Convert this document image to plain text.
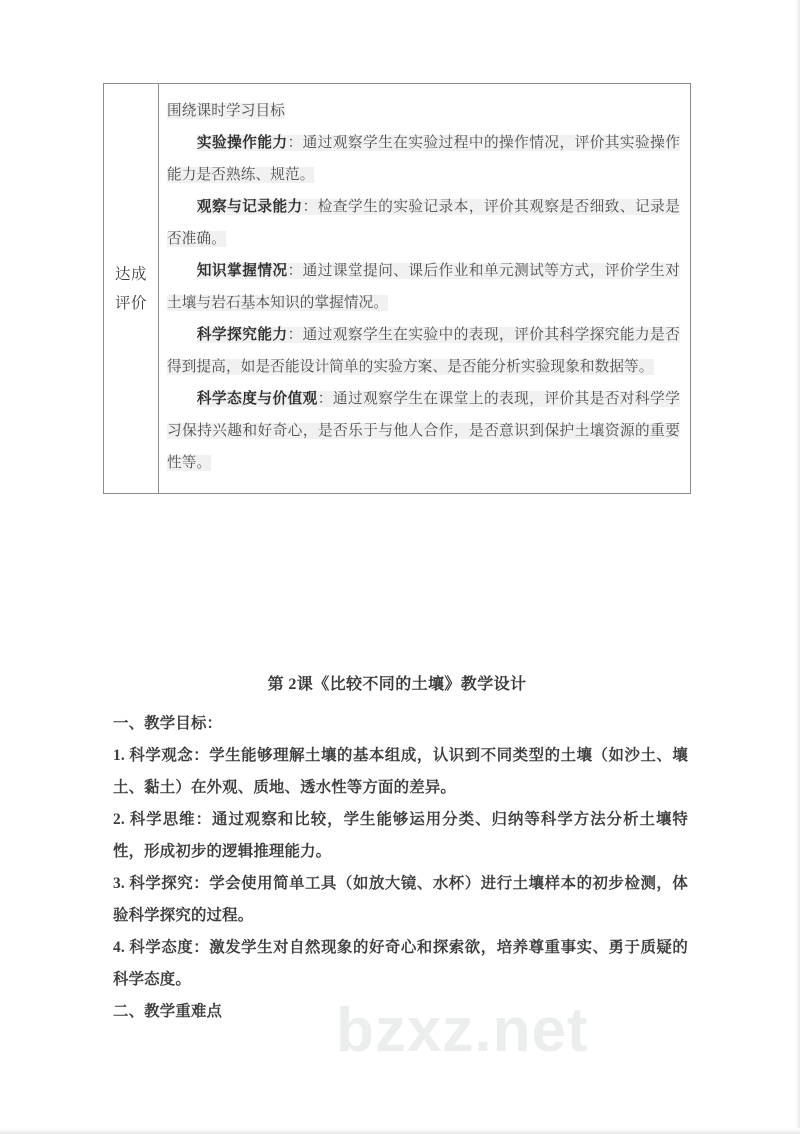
bzxz.net
达成
评价

围绕课时学习目标

实验操作能力：通过观察学生在实验过程中的操作情况，评价其实验操作能力是否熟练、规范。

观察与记录能力：检查学生的实验记录本，评价其观察是否细致、记录是否准确。

知识掌握情况：通过课堂提问、课后作业和单元测试等方式，评价学生对土壤与岩石基本知识的掌握情况。

科学探究能力：通过观察学生在实验中的表现，评价其科学探究能力是否得到提高，如是否能设计简单的实验方案、是否能分析实验现象和数据等。

科学态度与价值观：通过观察学生在课堂上的表现，评价其是否对科学学习保持兴趣和好奇心，是否乐于与他人合作，是否意识到保护土壤资源的重要性等。

第 2课《比较不同的土壤》教学设计

一、教学目标：

1. 科学观念：学生能够理解土壤的基本组成，认识到不同类型的土壤（如沙土、壤土、黏土）在外观、质地、透水性等方面的差异。

2. 科学思维：通过观察和比较，学生能够运用分类、归纳等科学方法分析土壤特性，形成初步的逻辑推理能力。

3. 科学探究：学会使用简单工具（如放大镜、水杯）进行土壤样本的初步检测，体验科学探究的过程。

4. 科学态度：激发学生对自然现象的好奇心和探索欲，培养尊重事实、勇于质疑的科学态度。

二、教学重难点
